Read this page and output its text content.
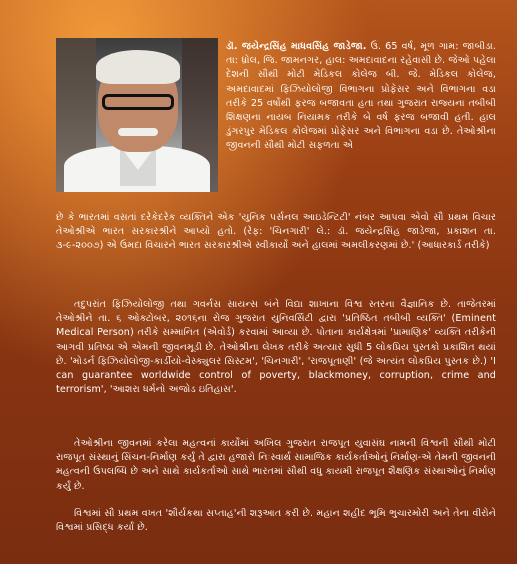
ડૉ. જયેન્દ્રસિંહ માધવસિંહ જાડેજા. ઉ. 65 વર્ષ, મૂળ ગામ: જાબીડા. તા: ધ્રોલ, જિ. જામનગર, હાલ: અમદાવાદના રહેવાસી છે. જેઓ પહેલા દેશની સૌથી મોટી મેડિકલ કોલેજ બી. જે. મેડિકલ કોલેજ, અમદાવાદમાં ફિઝિયોલોજી વિભાગના પ્રોફેસર અને વિભાગના વડા તરીકે 25 વર્ષોથી ફરજ બજાવતા હતા તથા ગુજરાત રાજ્યના તબીબી શિક્ષણના નાયબ નિયામક તરીકે બે વર્ષ ફરજ બજાવી હતી. હાલ ડુંગરપુર મેડિકલ કોલેજમાં પ્રોફેસર અને વિભાગના વડા છે. તેઓશ્રીના જીવનની સૌથી મોટી સફળતા એ

છે કે ભારતમાં વસતાં દરેકેદરેક વ્યક્તિને એક 'યુનિક પર્સનલ આઇડેન્ટિટી' નંબર આપવા એવો સૌ પ્રથમ વિચાર તેઓશ્રીએ ભારત સરકારશ્રીને આપ્યો હતો. (રેફ: 'ચિનગારી' લે.: ડૉ. જયેન્દ્રસિંહ જાડેજા, પ્રકાશન તા. ૩-૯-૨૦૦૭) એ ઉમદા વિચારને ભારત સરકારશ્રીએ સ્વીકાર્યો અને હાલમાં અમલીકરણમાં છે.' (આધારકાર્ડ તરીકે)

તદુપરાંત ફિઝિયોલોજી તથા ગવર્નસ સાયન્સ બંને વિદ્યા શાખાના વિશ્વ સ્તરના વૈજ્ઞાનિક છે. તાજેતરમાં તેઓશ્રીને તા. ૬ ઓક્ટોબર, ૨૦૧૬ના રોજ ગુજરાત યુનિવર્સિટી દ્વારા 'પ્રતિષ્ઠિત તબીબી વ્યક્તિ' (Eminent Medical Person) તરીકે સમ્માનિત (એવોર્ડ) કરવામાં આવ્યા છે. પોતાના કાર્યક્ષેત્રમાં 'પ્રામાણિક' વ્યક્તિ તરીકેની આગવી પ્રતિષ્ઠા એ એમની જીવનમૂડી છે. તેઓશ્રીના લેખક તરીકે અત્યાર સુધી 5 લોકપ્રિય પુસ્તકો પ્રકાશિત થયાં છે. 'મોડર્ન ફિઝિયોલોજી-કાર્ડીયો-વેસ્ક્યુલર સિસ્ટમ', 'ચિનગારી', 'રાજપૂતાણી' (જે અત્યંત લોકપ્રિય પુસ્તક છે.) 'I can guarantee worldwide control of poverty, blackmoney, corruption, crime and terrorism', 'આશરા ધર્મનો અજોડ ઇતિહાસ'.

તેઓશ્રીના જીવનમાં કરેલા મહત્વનાં કાર્યોમાં અખિલ ગુજરાત રાજપૂત યુવાસંઘ નામની વિશ્વની સૌથી મોટી રાજપૂત સંસ્થાનું સિંચન-નિર્માણ કર્યું તે દ્વારા હજારો નિઃસ્વાર્થ સામાજિક કાર્યકર્તાઓનું નિર્માણ-એ તેમની જીવનની મહત્વની ઉપલબ્ધિ છે અને સાથે કાર્યકર્તાઓ સાથે ભારતમાં સૌથી વધુ કાયમી રાજપૂત શૈક્ષણિક સંસ્થાઓનું નિર્માણ કર્યું છે.

વિશ્વમાં સૌ પ્રથમ વખત 'શૌર્યકથા સપ્તાહ'ની શરૂઆત કરી છે. મહાન શહીદ ભૂમિ ભુચારમોરી અને તેના વીરોને વિશ્વમાં પ્રસિદ્ધ કર્યાં છે.
